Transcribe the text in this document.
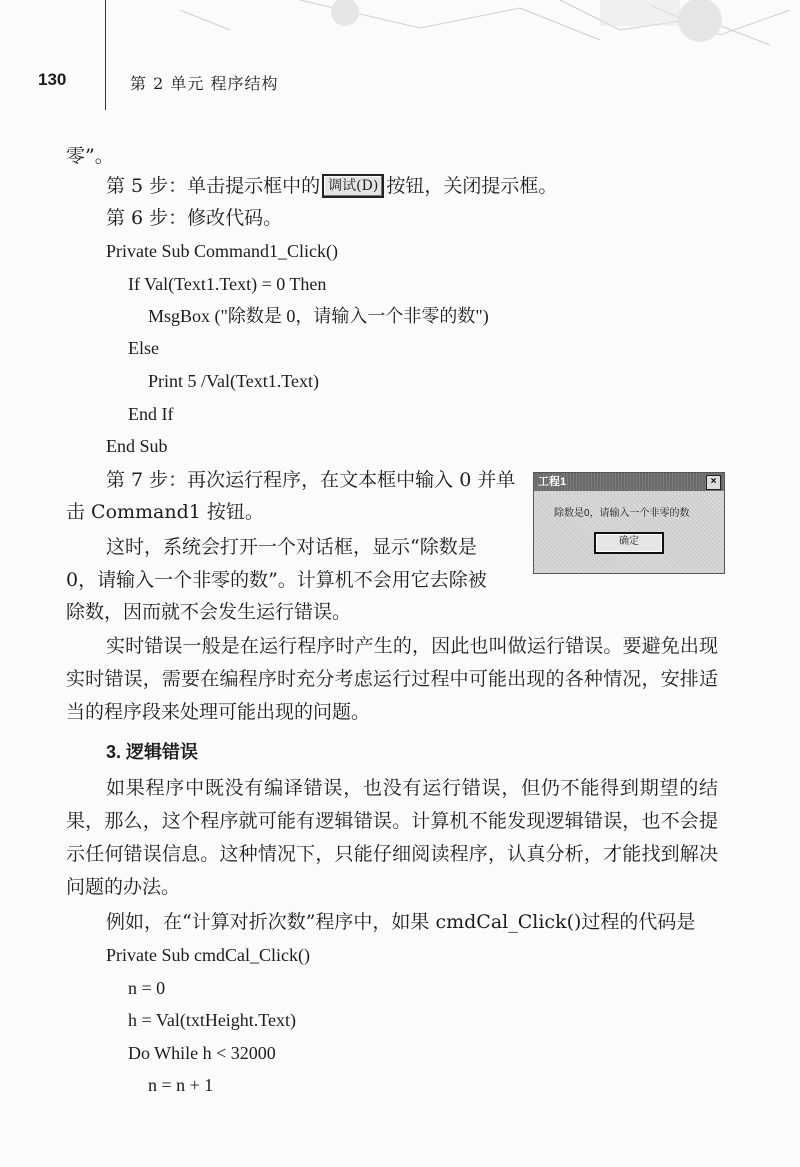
130	第 2 单元 程序结构
零”。
第 5 步：单击提示框中的 调试(D) 按钮，关闭提示框。
第 6 步：修改代码。
Private Sub Command1_Click()
If Val(Text1.Text) = 0 Then
MsgBox ("除数是 0，请输入一个非零的数")
Else
Print 5 /Val(Text1.Text)
End If
End Sub
第 7 步：再次运行程序，在文本框中输入 0 并单
击 Command1 按钮。
这时，系统会打开一个对话框，显示“除数是
0，请输入一个非零的数”。计算机不会用它去除被
除数，因而就不会发生运行错误。
工程1	×
除数是0，请输入一个非零的数
确定
实时错误一般是在运行程序时产生的，因此也叫做运行错误。要避免出现实时错误，需要在编程序时充分考虑运行过程中可能出现的各种情况，安排适当的程序段来处理可能出现的问题。
3. 逻辑错误
如果程序中既没有编译错误，也没有运行错误，但仍不能得到期望的结果，那么，这个程序就可能有逻辑错误。计算机不能发现逻辑错误，也不会提示任何错误信息。这种情况下，只能仔细阅读程序，认真分析，才能找到解决问题的办法。
例如，在“计算对折次数”程序中，如果 cmdCal_Click()过程的代码是
Private Sub cmdCal_Click()
n = 0
h = Val(txtHeight.Text)
Do While h < 32000
n = n + 1
